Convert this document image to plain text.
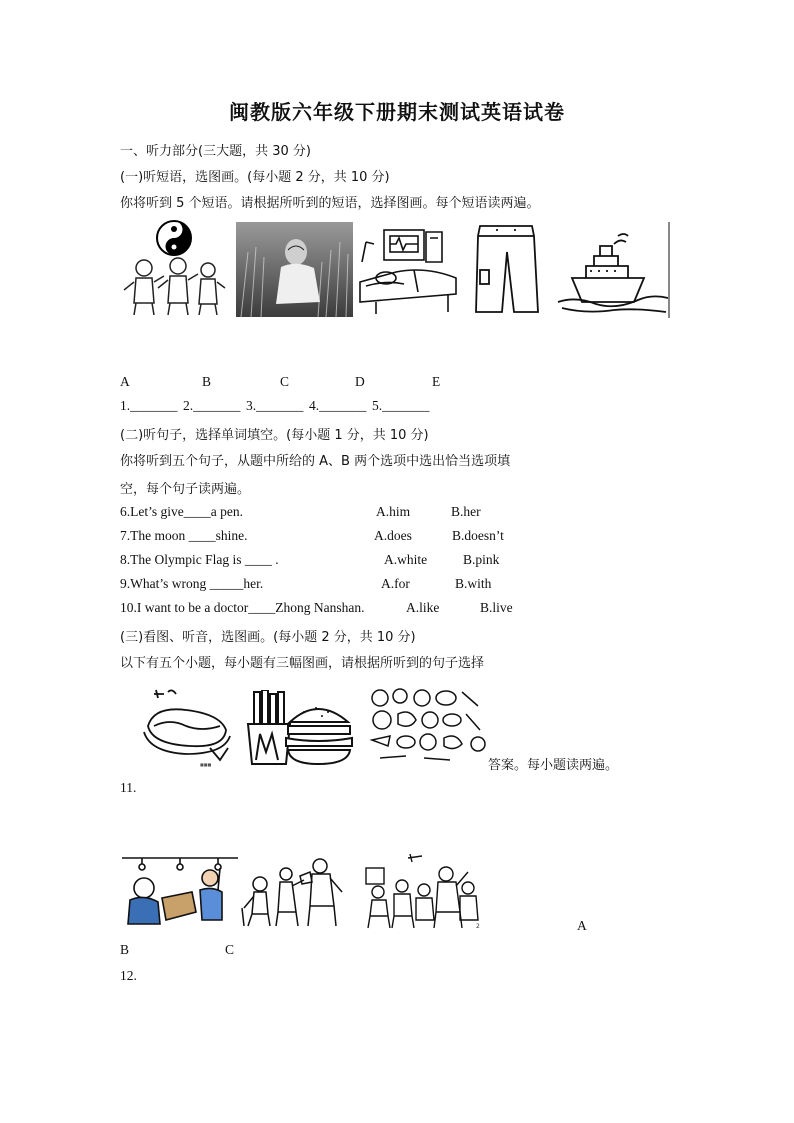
闽教版六年级下册期末测试英语试卷
一、听力部分(三大题，共 30 分)
(一)听短语，选图画。(每小题 2 分，共 10 分)
你将听到 5 个短语。请根据所听到的短语，选择图画。每个短语读两遍。
A	B	C	D	E
1._______ 2._______ 3._______ 4._______ 5._______
(二)听句子，选择单词填空。(每小题 1 分，共 10 分)
你将听到五个句子，从题中所给的 A、B 两个选项中选出恰当选项填
空，每个句子读两遍。
6.Let’s give____a pen.	A.him	B.her
7.The moon ____shine.	A.does	B.doesn’t
8.The Olympic Flag is ____ .	A.white	B.pink
9.What’s wrong _____her.	A.for	B.with
10.I want to be a doctor____Zhong Nanshan.	A.like	B.live
(三)看图、听音，选图画。(每小题 2 分，共 10 分)
以下有五个小题，每小题有三幅图画，请根据所听到的句子选择
■■■	答案。每小题读两遍。
11.
2	A
B	C
12.
